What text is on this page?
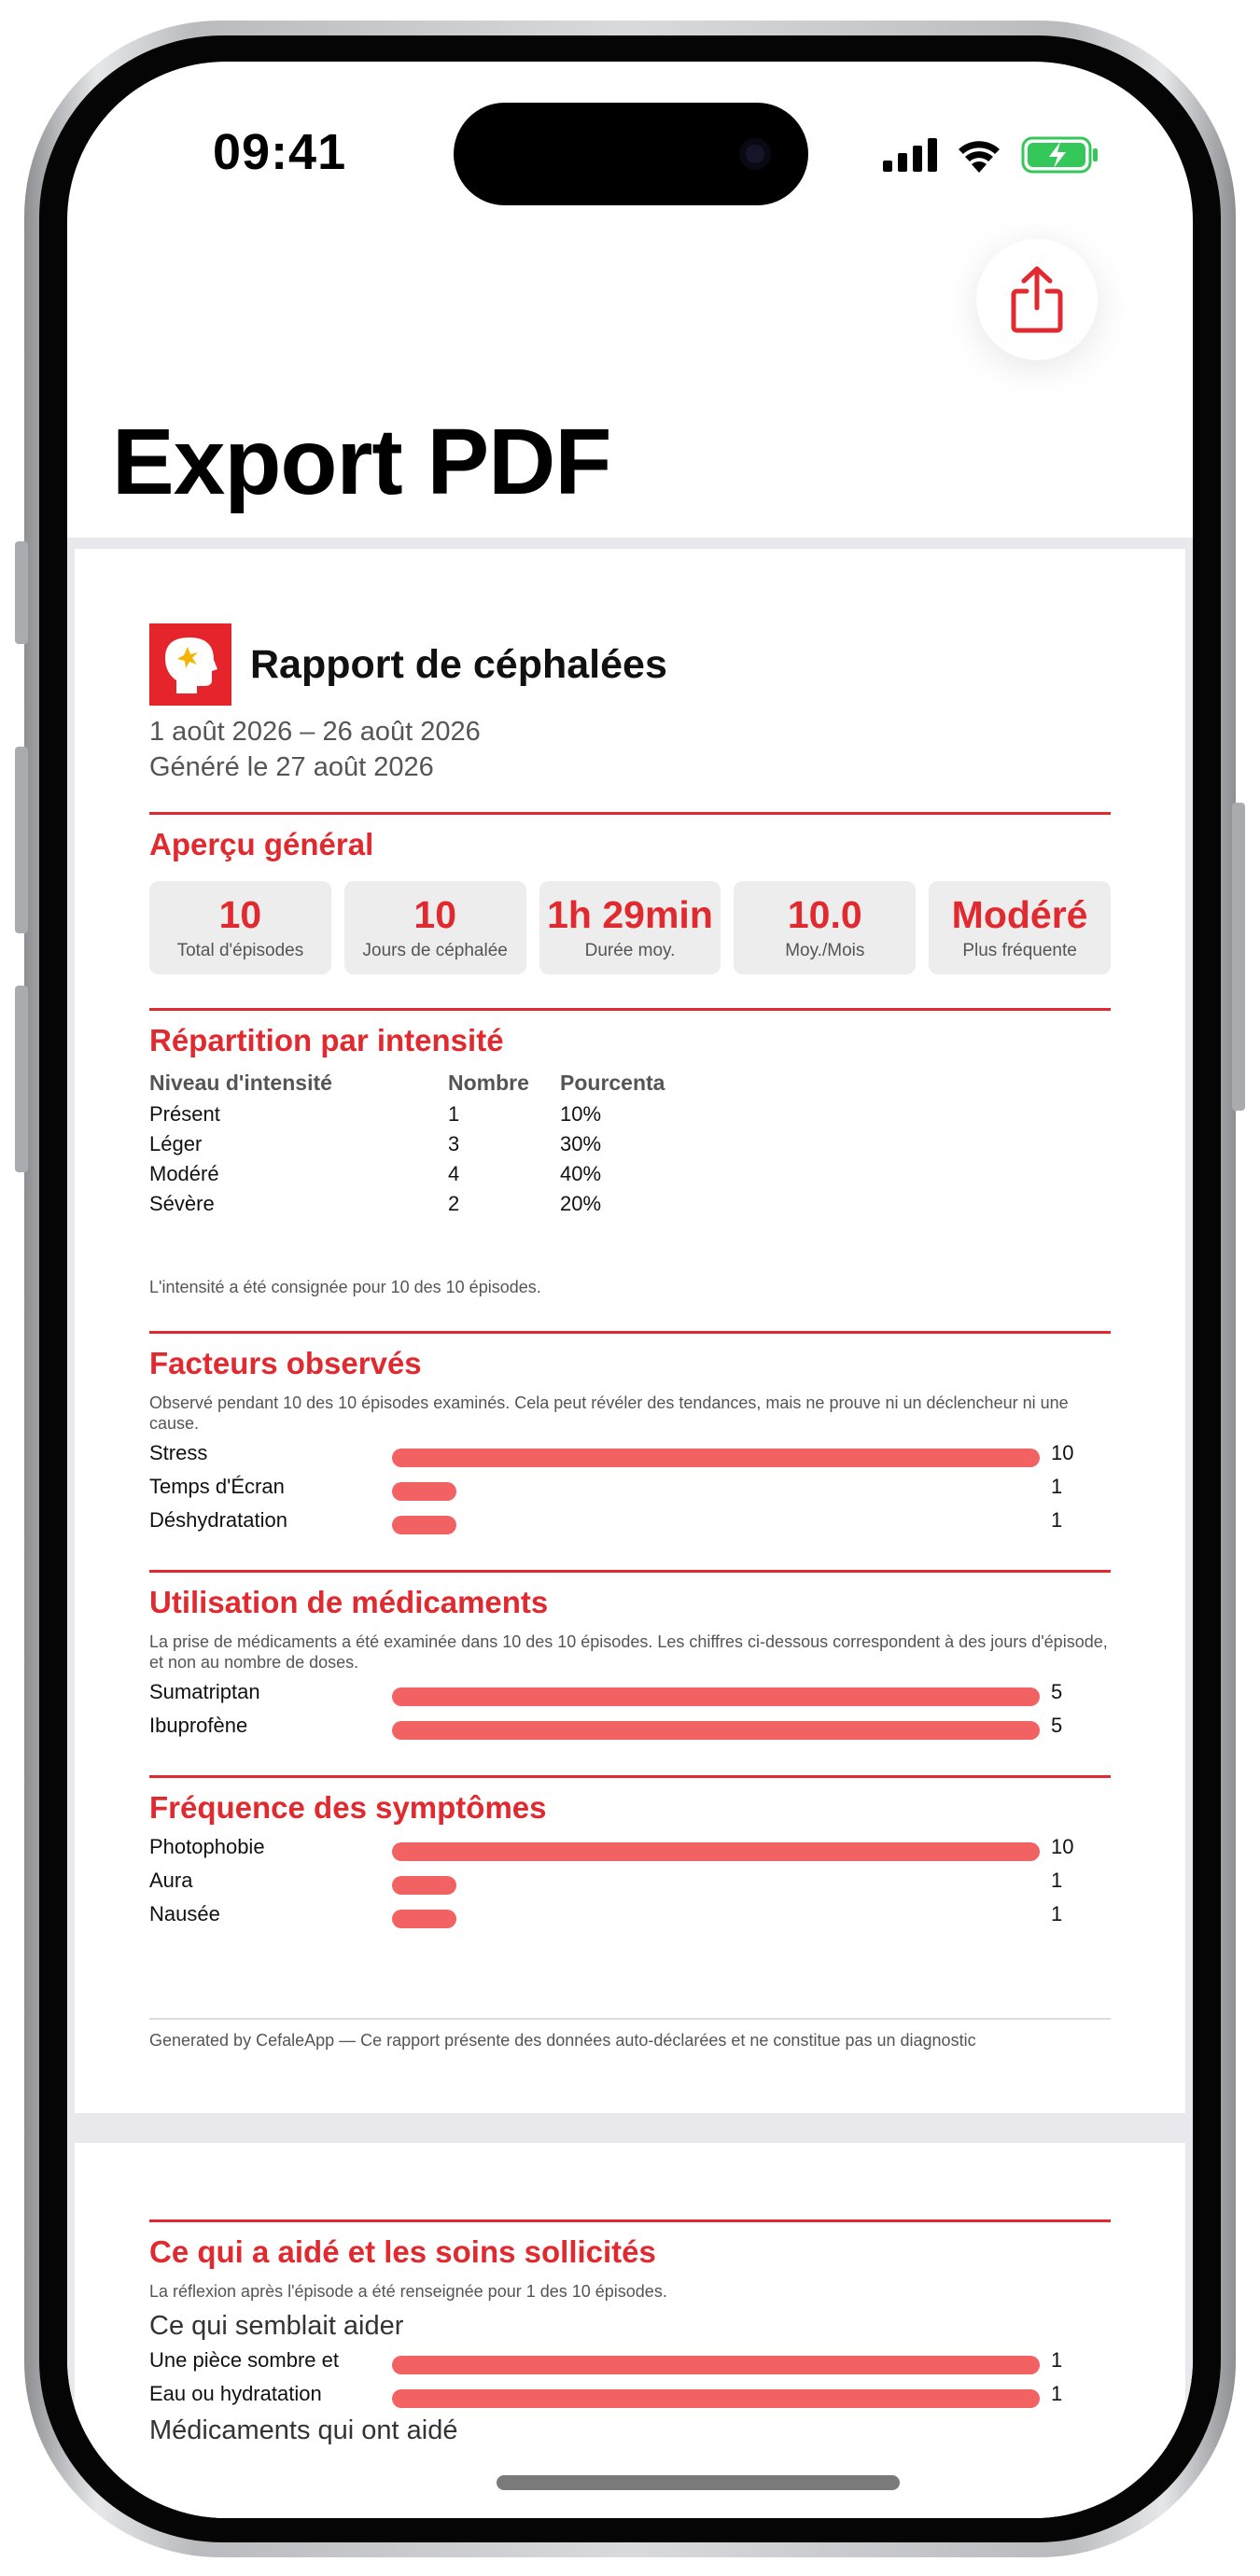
09:41
Export PDF
Rapport de céphalées
1 août 2026 – 26 août 2026
Généré le 27 août 2026
Aperçu général
10
Total d'épisodes
10
Jours de céphalée
1h 29min
Durée moy.
10.0
Moy./Mois
Modéré
Plus fréquente
Répartition par intensité
Niveau d'intensité	Nombre	Pourcenta
Présent	1	10%
Léger	3	30%
Modéré	4	40%
Sévère	2	20%
L'intensité a été consignée pour 10 des 10 épisodes.
Facteurs observés
Observé pendant 10 des 10 épisodes examinés. Cela peut révéler des tendances, mais ne prouve ni un déclencheur ni une cause.
Stress	10
Temps d'Écran	1
Déshydratation	1
Utilisation de médicaments
La prise de médicaments a été examinée dans 10 des 10 épisodes. Les chiffres ci-dessous correspondent à des jours d'épisode, et non au nombre de doses.
Sumatriptan	5
Ibuprofène	5
Fréquence des symptômes
Photophobie	10
Aura	1
Nausée	1
Generated by CefaleApp — Ce rapport présente des données auto-déclarées et ne constitue pas un diagnostic
Ce qui a aidé et les soins sollicités
La réflexion après l'épisode a été renseignée pour 1 des 10 épisodes.
Ce qui semblait aider
Une pièce sombre et	1
Eau ou hydratation	1
Médicaments qui ont aidé
